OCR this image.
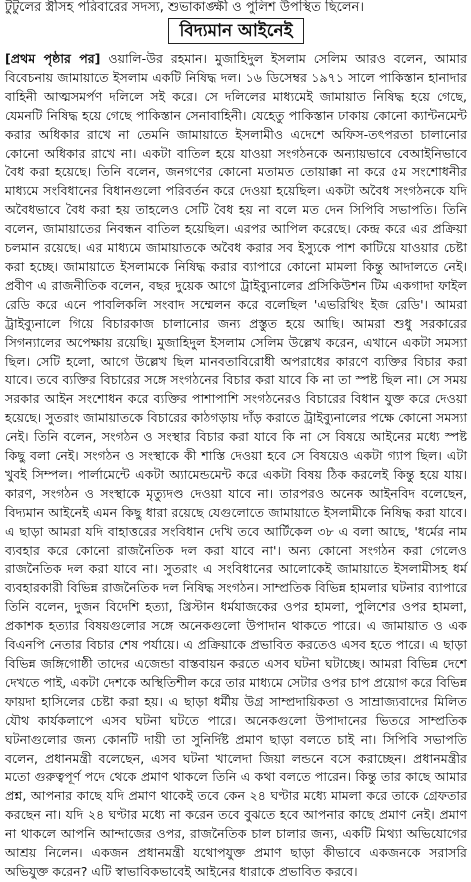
টুটুলের স্ত্রীসহ পরিবারের সদস্য, শুভাকাঙ্ক্ষী ও পুলিশ উপস্থিত ছিলেন।
বিদ্যমান আইনেই

[প্রথম পৃষ্ঠার পর] ওয়ালি-উর রহমান। মুজাহিদুল ইসলাম সেলিম আরও বলেন, আমার বিবেচনায় জামায়াতে ইসলাম একটি নিষিদ্ধ দল। ১৬ ডিসেম্বর ১৯৭১ সালে পাকিস্তান হানাদার বাহিনী আত্মসমর্পণ দলিলে সই করে। সে দলিলের মাধ্যমেই জামায়াত নিষিদ্ধ হয়ে গেছে, যেমনটি নিষিদ্ধ হয়ে গেছে পাকিস্তান সেনাবাহিনী। যেহেতু পাকিস্তান ঢাকায় কোনো ক্যান্টনমেন্ট করার অধিকার রাখে না তেমনি জামায়াতে ইসলামীও এদেশে অফিস-তৎপরতা চালানোর কোনো অধিকার রাখে না। একটা বাতিল হয়ে যাওয়া সংগঠনকে অন্যায়ভাবে বেআইনিভাবে বৈধ করা হয়েছে। তিনি বলেন, জনগণের কোনো মতামত তোয়াক্কা না করে ৫ম সংশোধনীর মাধ্যমে সংবিধানের বিধানগুলো পরিবর্তন করে দেওয়া হয়েছিল। একটা অবৈধ সংগঠনকে যদি অবৈধভাবে বৈধ করা হয় তাহলেও সেটি বৈধ হয় না বলে মত দেন সিপিবি সভাপতি। তিনি বলেন, জামায়াতের নিবন্ধন বাতিল হয়েছিল। এরপর আপিল করেছে। কেন্দ্র করে এর প্রক্রিয়া চলমান রয়েছে। এর মাধ্যমে জামায়াতকে অবৈধ করার সব ইস্যুকে পাশ কাটিয়ে যাওয়ার চেষ্টা করা হচ্ছে। জামায়াতে ইসলামকে নিষিদ্ধ করার ব্যাপারে কোনো মামলা কিন্তু আদালতে নেই। প্রবীণ এ রাজনীতিক বলেন, বছর দুয়েক আগে ট্রাইব্যুনালের প্রসিকিউশন টিম একগাদা ফাইল রেডি করে এনে পাবলিকলি সংবাদ সম্মেলন করে বলেছিল 'এভরিথিং ইজ রেডি'। আমরা ট্রাইব্যুনালে গিয়ে বিচারকাজ চালানোর জন্য প্রস্তুত হয়ে আছি। আমরা শুধু সরকারের সিগন্যালের অপেক্ষায় রয়েছি। মুজাহিদুল ইসলাম সেলিম উল্লেখ করেন, এখানে একটা সমস্যা ছিল। সেটি হলো, আগে উল্লেখ ছিল মানবতাবিরোধী অপরাধের কারণে ব্যক্তির বিচার করা যাবে। তবে ব্যক্তির বিচারের সঙ্গে সংগঠনের বিচার করা যাবে কি না তা স্পষ্ট ছিল না। সে সময় সরকার আইন সংশোধন করে ব্যক্তির পাশাপাশি সংগঠনেরও বিচারের বিধান যুক্ত করে দেওয়া হয়েছে। সুতরাং জামায়াতকে বিচারের কাঠগড়ায় দাঁড় করাতে ট্রাইব্যুনালের পক্ষে কোনো সমস্যা নেই। তিনি বলেন, সংগঠন ও সংস্থার বিচার করা যাবে কি না সে বিষয়ে আইনের মধ্যে স্পষ্ট কিছু বলা নেই। সংগঠন ও সংস্থাকে কী শাস্তি দেওয়া হবে সে বিষয়েও একটা গ্যাপ ছিল। এটা খুবই সিম্পল। পার্লামেন্টে একটা অ্যামেন্ডমেন্ট করে একটা বিষয় ঠিক করলেই কিন্তু হয়ে যায়। কারণ, সংগঠন ও সংস্থাকে মৃত্যুদণ্ড দেওয়া যাবে না। তারপরও অনেক আইনবিদ বলেছেন, বিদ্যমান আইনেই এমন কিছু ধারা রয়েছে যেগুলোতে জামায়াতে ইসলামীকে নিষিদ্ধ করা যাবে। এ ছাড়া আমরা যদি বাহাত্তরের সংবিধান দেখি তবে আর্টিকেল ৩৮ এ বলা আছে, 'ধর্মের নাম ব্যবহার করে কোনো রাজনৈতিক দল করা যাবে না'। অন্য কোনো সংগঠন করা গেলেও রাজনৈতিক দল করা যাবে না। সুতরাং এ সংবিধানের আলোকেই জামায়াতে ইসলামীসহ ধর্ম ব্যবহারকারী বিভিন্ন রাজনৈতিক দল নিষিদ্ধ সংগঠন। সাম্প্রতিক বিভিন্ন হামলার ঘটনার ব্যাপারে তিনি বলেন, দুজন বিদেশি হত্যা, খ্রিস্টান ধর্মযাজকের ওপর হামলা, পুলিশের ওপর হামলা, প্রকাশক হত্যার বিষয়গুলোর সঙ্গে অনেকগুলো উপাদান থাকতে পারে। এ জামায়াত ও এক বিএনপি নেতার বিচার শেষ পর্যায়ে। এ প্রক্রিয়াকে প্রভাবিত করতেও এসব হতে পারে। এ ছাড়া বিভিন্ন জঙ্গিগোষ্ঠী তাদের এজেন্ডা বাস্তবায়ন করতে এসব ঘটনা ঘটাচ্ছে। আমরা বিভিন্ন দেশে দেখতে পাই, একটা দেশকে অস্থিতিশীল করে তার মাধ্যমে সেটার ওপর চাপ প্রয়োগ করে বিভিন্ন ফায়দা হাসিলের চেষ্টা করা হয়। এ ছাড়া ধর্মীয় উগ্র সাম্প্রদায়িকতা ও সাম্রাজ্যবাদের মিলিত যৌথ কার্যকলাপে এসব ঘটনা ঘটতে পারে। অনেকগুলো উপাদানের ভিতরে সাম্প্রতিক ঘটনাগুলোর জন্য কোনটি দায়ী তা সুনির্দিষ্ট প্রমাণ ছাড়া বলতে চাই না। সিপিবি সভাপতি বলেন, প্রধানমন্ত্রী বলেছেন, এসব ঘটনা খালেদা জিয়া লন্ডনে বসে করাচ্ছেন। প্রধানমন্ত্রীর মতো গুরুত্বপূর্ণ পদে থেকে প্রমাণ থাকলে তিনি এ কথা বলতে পারেন। কিন্তু তার কাছে আমার প্রশ্ন, আপনার কাছে যদি প্রমাণ থাকেই তবে কেন ২৪ ঘণ্টার মধ্যে মামলা করে তাকে গ্রেফতার করছেন না। যদি ২৪ ঘণ্টার মধ্যে না করেন তবে বুঝতে হবে আপনার কাছে প্রমাণ নেই। প্রমাণ না থাকলে আপনি আন্দাজের ওপর, রাজনৈতিক চাল চালার জন্য, একটি মিথ্যা অভিযোগের আশ্রয় নিলেন। একজন প্রধানমন্ত্রী যথোপযুক্ত প্রমাণ ছাড়া কীভাবে একজনকে সরাসরি অভিযুক্ত করেন? এটি স্বাভাবিকভাবেই আইনের ধারাকে প্রভাবিত করবে।
